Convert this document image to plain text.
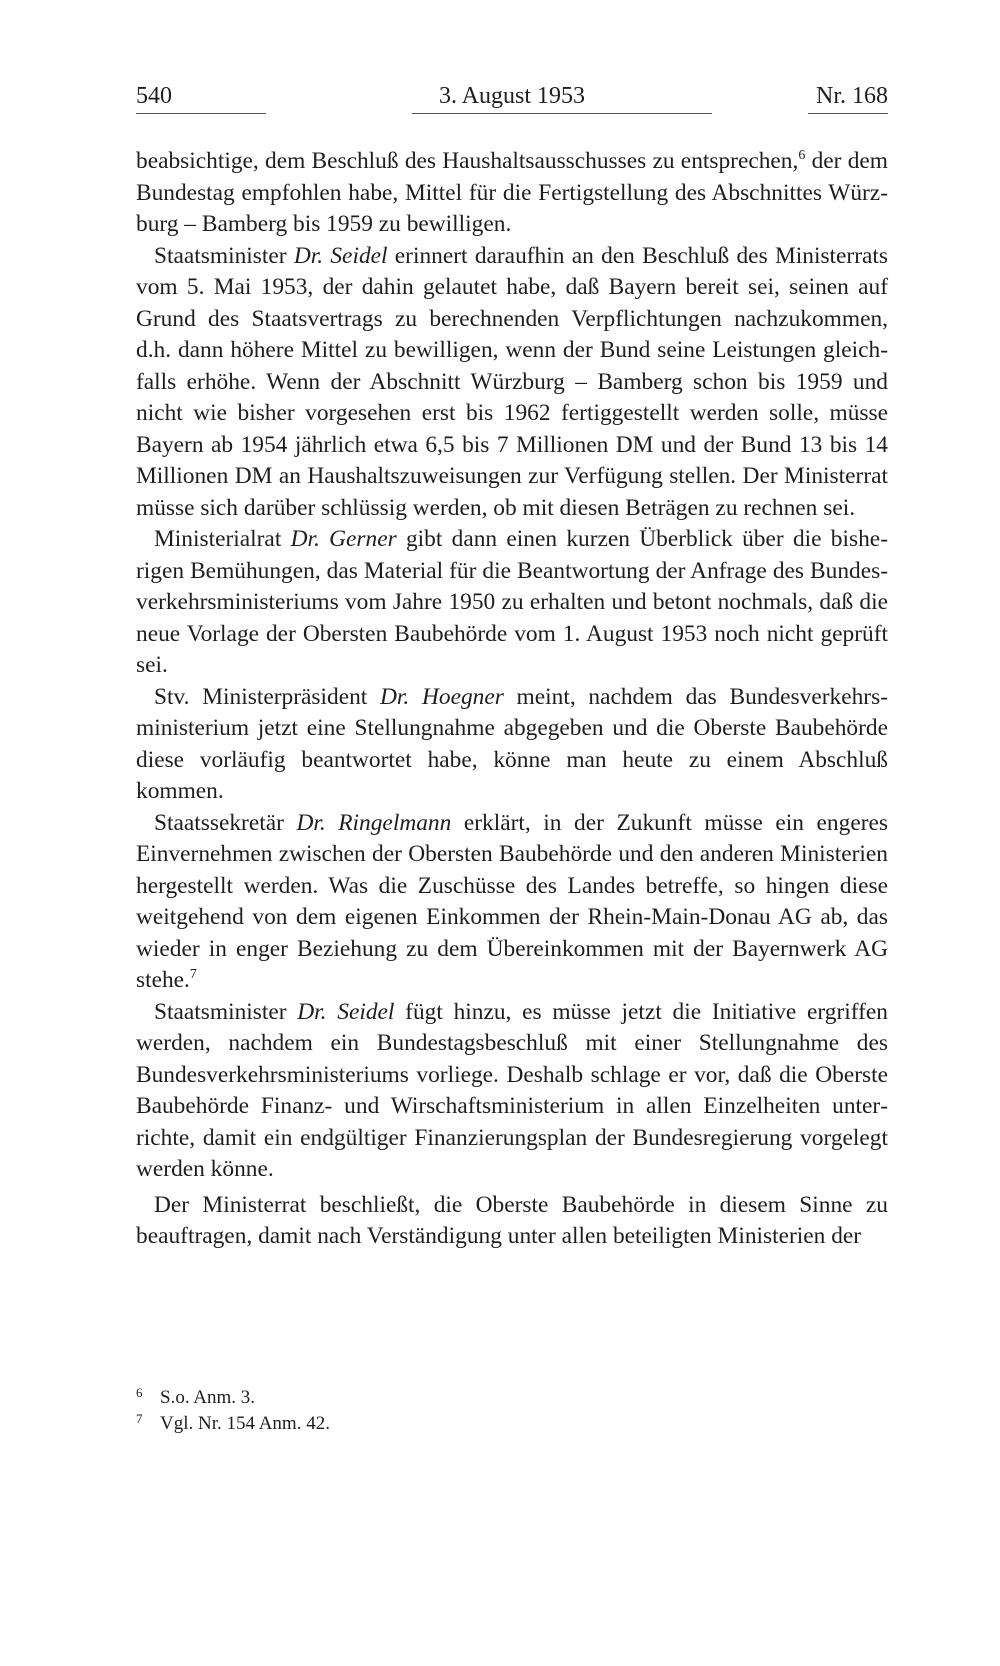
540	3. August 1953	Nr. 168

beabsichtige, dem Beschluß des Haushaltsausschusses zu entsprechen,$^6$ der dem Bundestag empfohlen habe, Mittel für die Fertigstellung des Abschnittes Würzburg – Bamberg bis 1959 zu bewilligen.

Staatsminister Dr. Seidel erinnert daraufhin an den Beschluß des Ministerrats vom 5. Mai 1953, der dahin gelautet habe, daß Bayern bereit sei, seinen auf Grund des Staatsvertrags zu berechnenden Verpflichtungen nachzukommen, d.h. dann höhere Mittel zu bewilligen, wenn der Bund seine Leistungen gleichfalls erhöhe. Wenn der Abschnitt Würzburg – Bamberg schon bis 1959 und nicht wie bisher vorgesehen erst bis 1962 fertiggestellt werden solle, müsse Bayern ab 1954 jährlich etwa 6,5 bis 7 Millionen DM und der Bund 13 bis 14 Millionen DM an Haushaltszuweisungen zur Verfügung stellen. Der Ministerrat müsse sich darüber schlüssig werden, ob mit diesen Beträgen zu rechnen sei.

Ministerialrat Dr. Gerner gibt dann einen kurzen Überblick über die bisherigen Bemühungen, das Material für die Beantwortung der Anfrage des Bundesverkehrsministeriums vom Jahre 1950 zu erhalten und betont nochmals, daß die neue Vorlage der Obersten Baubehörde vom 1. August 1953 noch nicht geprüft sei.

Stv. Ministerpräsident Dr. Hoegner meint, nachdem das Bundesverkehrsministerium jetzt eine Stellungnahme abgegeben und die Oberste Baubehörde diese vorläufig beantwortet habe, könne man heute zu einem Abschluß kommen.

Staatssekretär Dr. Ringelmann erklärt, in der Zukunft müsse ein engeres Einvernehmen zwischen der Obersten Baubehörde und den anderen Ministerien hergestellt werden. Was die Zuschüsse des Landes betreffe, so hingen diese weitgehend von dem eigenen Einkommen der Rhein-Main-Donau AG ab, das wieder in enger Beziehung zu dem Übereinkommen mit der Bayernwerk AG stehe.$^7$

Staatsminister Dr. Seidel fügt hinzu, es müsse jetzt die Initiative ergriffen werden, nachdem ein Bundestagsbeschluß mit einer Stellungnahme des Bundesverkehrsministeriums vorliege. Deshalb schlage er vor, daß die Oberste Baubehörde Finanz- und Wirschaftsministerium in allen Einzelheiten unterrichte, damit ein endgültiger Finanzierungsplan der Bundesregierung vorgelegt werden könne.

Der Ministerrat beschließt, die Oberste Baubehörde in diesem Sinne zu beauftragen, damit nach Verständigung unter allen beteiligten Ministerien der

6 S.o. Anm. 3.
7 Vgl. Nr. 154 Anm. 42.
